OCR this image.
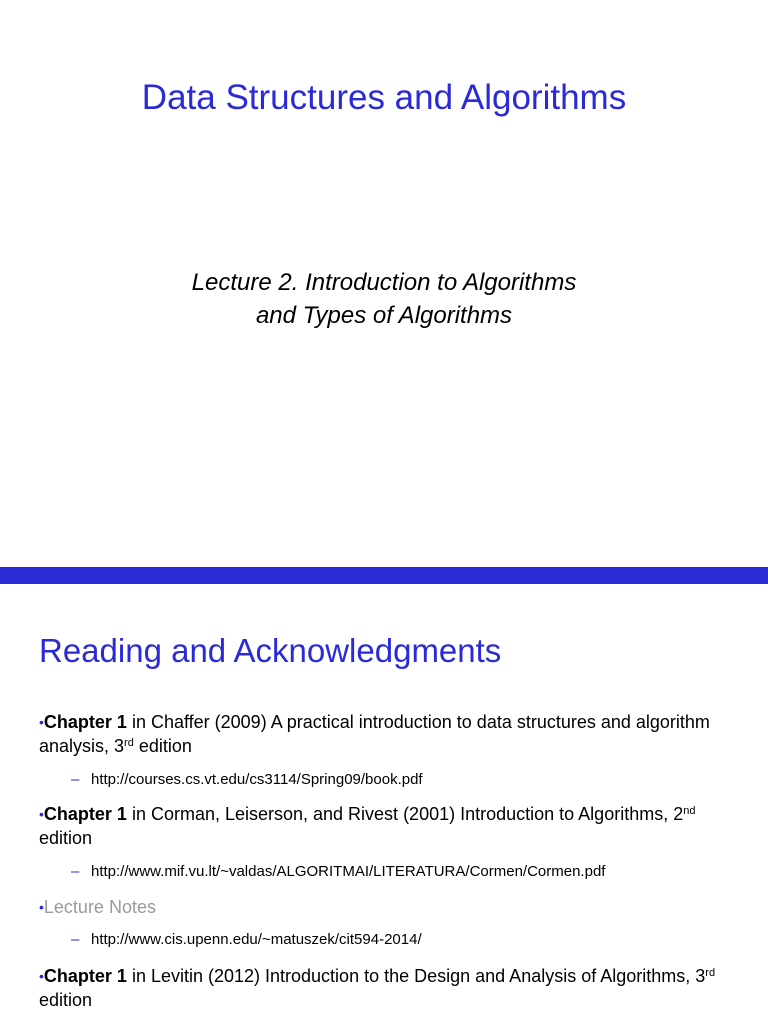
Data Structures and Algorithms
Lecture 2. Introduction to Algorithms
and Types of Algorithms
Reading and Acknowledgments
•Chapter 1 in Chaffer (2009) A practical introduction to data structures and algorithm analysis, 3rd edition
– http://courses.cs.vt.edu/cs3114/Spring09/book.pdf
•Chapter 1 in Corman, Leiserson, and Rivest (2001) Introduction to Algorithms, 2nd edition
– http://www.mif.vu.lt/~valdas/ALGORITMAI/LITERATURA/Cormen/Cormen.pdf
•Lecture Notes
– http://www.cis.upenn.edu/~matuszek/cit594-2014/
•Chapter 1 in Levitin (2012) Introduction to the Design and Analysis of Algorithms, 3rd edition
